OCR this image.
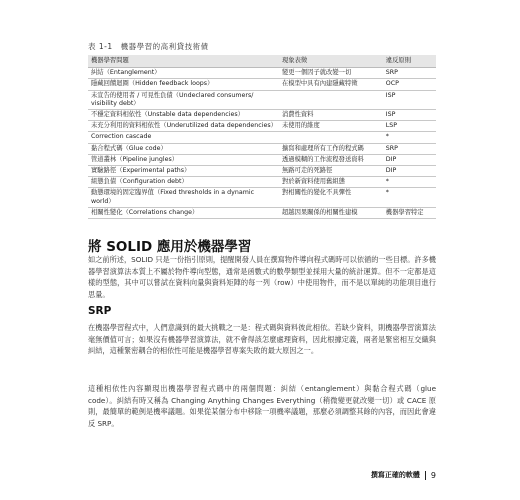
表 1-1　機器學習的高利貸技術債
機器學習問題	現象表徵	違反原則
糾結（Entanglement）	變更一個因子就改變一切	SRP
隱藏回饋迴圈（Hidden feedback loops）	在模型中具有內建隱藏特徵	OCP
未宣告的使用者 / 可見性負債（Undeclared consumers/ visibility debt）		ISP
不穩定資料相依性（Unstable data dependencies）	消費性資料	ISP
未充分利用的資料相依性（Underutilized data dependencies）	未使用的維度	LSP
Correction cascade		*
黏合程式碼（Glue code）	擴寫和處理所有工作的程式碼	SRP
管道叢林（Pipeline jungles）	透過模糊的工作流程發送資料	DIP
實驗路徑（Experimental paths）	無路可走的死路徑	DIP
組態負債（Configuration debt）	對於新資料使用舊組態	*
動態環境的固定臨界值（Fixed thresholds in a dynamic world）	對相關性的變化不具彈性	*
相關性變化（Correlations change）	超越因果關係的相關性建模	機器學習特定
將 SOLID 應用於機器學習
如之前所述，SOLID 只是一份指引原則，提醒開發人員在撰寫物件導向程式碼時可以依循的一些目標。許多機器學習演算法本質上不屬於物件導向型態，通常是函數式的數學類型並採用大量的統計運算。但不一定都是這樣的型態，其中可以嘗試在資料向量與資料矩陣的每一列（row）中使用物件，而不是以單純的功能項目進行思量。
SRP
在機器學習程式中，人們意識到的最大挑戰之一是：程式碼與資料彼此相依。若缺少資料，則機器學習演算法毫無價值可言；如果沒有機器學習演算法，就不會得該怎麼處理資料，因此根據定義，兩者是緊密相互交織與糾結，這種緊密耦合的相依性可能是機器學習専案失敗的最大原因之一。
這種相依性內容顯現出機器學習程式碼中的兩個問題：糾結（entanglement）與黏合程式碼（glue code）。糾結有時又稱為 Changing Anything Changes Everything（稍微變更就改變一切）或 CACE 原則，最簡單的範例是機率議題。如果從某個分布中移除一項機率議題，那麼必須調整其餘的內容，而因此會違反 SRP。
撰寫正確的軟體 9
